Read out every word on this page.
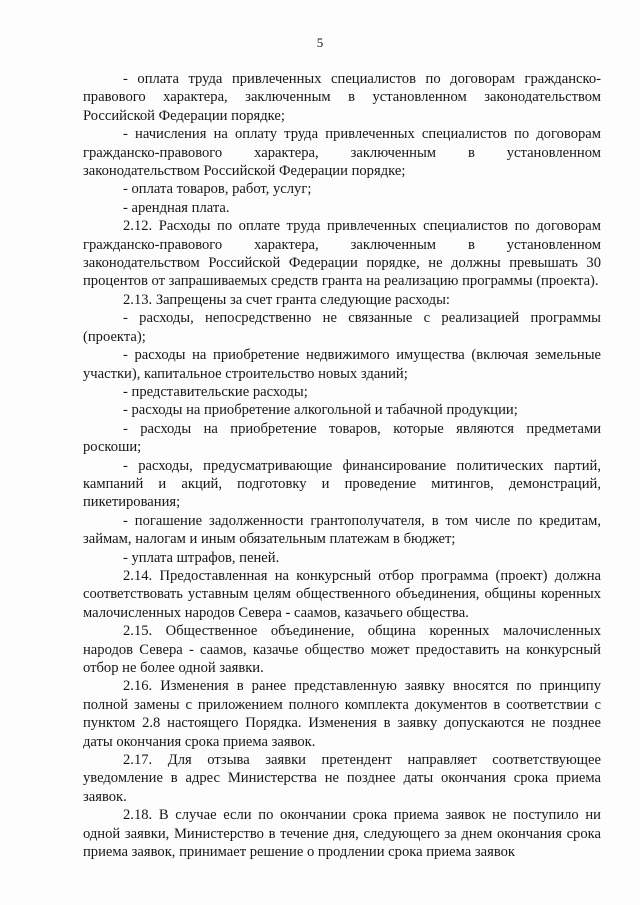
5

- оплата труда привлеченных специалистов по договорам гражданско-правового характера, заключенным в установленном законодательством Российской Федерации порядке;

- начисления на оплату труда привлеченных специалистов по договорам гражданско-правового характера, заключенным в установленном законодательством Российской Федерации порядке;

- оплата товаров, работ, услуг;

- арендная плата.

2.12. Расходы по оплате труда привлеченных специалистов по договорам гражданско-правового характера, заключенным в установленном законодательством Российской Федерации порядке, не должны превышать 30 процентов от запрашиваемых средств гранта на реализацию программы (проекта).

2.13. Запрещены за счет гранта следующие расходы:

- расходы, непосредственно не связанные с реализацией программы (проекта);

- расходы на приобретение недвижимого имущества (включая земельные участки), капитальное строительство новых зданий;

- представительские расходы;

- расходы на приобретение алкогольной и табачной продукции;

- расходы на приобретение товаров, которые являются предметами роскоши;

- расходы, предусматривающие финансирование политических партий, кампаний и акций, подготовку и проведение митингов, демонстраций, пикетирования;

- погашение задолженности грантополучателя, в том числе по кредитам, займам, налогам и иным обязательным платежам в бюджет;

- уплата штрафов, пеней.

2.14. Предоставленная на конкурсный отбор программа (проект) должна соответствовать уставным целям общественного объединения, общины коренных малочисленных народов Севера - саамов, казачьего общества.

2.15. Общественное объединение, община коренных малочисленных народов Севера - саамов, казачье общество может предоставить на конкурсный отбор не более одной заявки.

2.16. Изменения в ранее представленную заявку вносятся по принципу полной замены с приложением полного комплекта документов в соответствии с пунктом 2.8 настоящего Порядка. Изменения в заявку допускаются не позднее даты окончания срока приема заявок.

2.17. Для отзыва заявки претендент направляет соответствующее уведомление в адрес Министерства не позднее даты окончания срока приема заявок.

2.18. В случае если по окончании срока приема заявок не поступило ни одной заявки, Министерство в течение дня, следующего за днем окончания срока приема заявок, принимает решение о продлении срока приема заявок
